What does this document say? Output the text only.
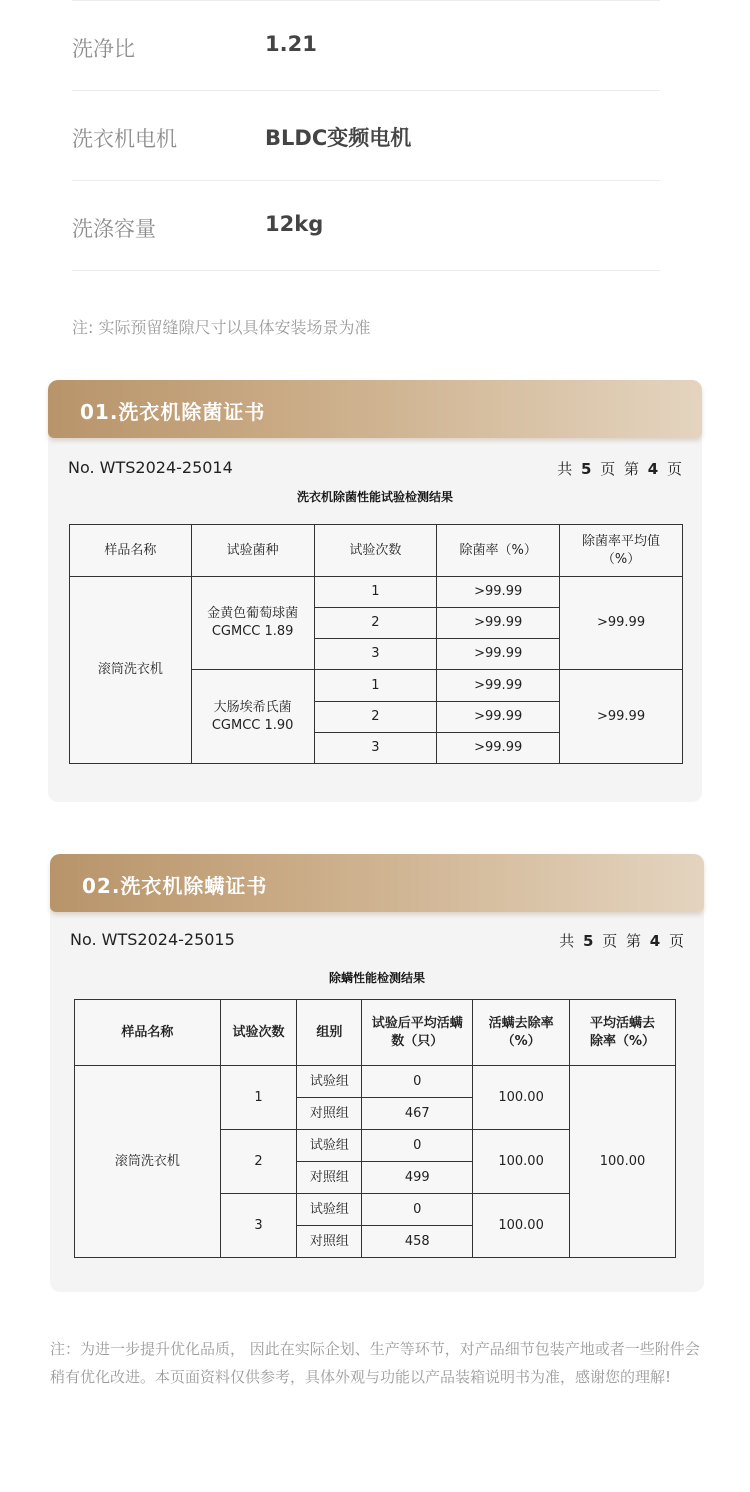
洗净比	1.21
洗衣机电机	BLDC变频电机
洗涤容量	12kg
注: 实际预留缝隙尺寸以具体安装场景为准
01.洗衣机除菌证书
No. WTS2024-25014	共 5 页 第 4 页
洗衣机除菌性能试验检测结果
样品名称	试验菌种	试验次数	除菌率（%）	除菌率平均值（%）
滚筒洗衣机	金黄色葡萄球菌 CGMCC 1.89	1	>99.99	>99.99
		2	>99.99	
		3	>99.99	
	大肠埃希氏菌 CGMCC 1.90	1	>99.99	>99.99
		2	>99.99	
		3	>99.99	
02.洗衣机除螨证书
No. WTS2024-25015	共 5 页 第 4 页
除螨性能检测结果
样品名称	试验次数	组别	试验后平均活螨数（只）	活螨去除率（%）	平均活螨去除率（%）
滚筒洗衣机	1	试验组	0	100.00	100.00
		对照组	467		
	2	试验组	0	100.00	
		对照组	499		
	3	试验组	0	100.00	
		对照组	458		
注：为进一步提升优化品质， 因此在实际企划、生产等环节，对产品细节包装产地或者一些附件会稍有优化改进。本页面资料仅供参考，具体外观与功能以产品装箱说明书为准，感谢您的理解!
